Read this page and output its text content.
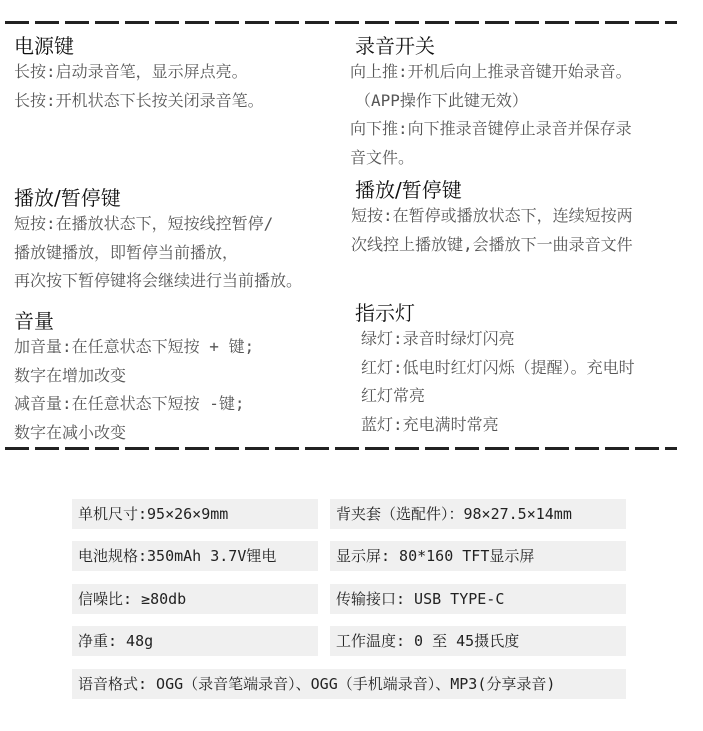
电源键
长按:启动录音笔，显示屏点亮。
长按:开机状态下长按关闭录音笔。
录音开关
向上推:开机后向上推录音键开始录音。
（APP操作下此键无效）
向下推:向下推录音键停止录音并保存录
音文件。
播放/暂停键
短按:在播放状态下，短按线控暂停/
播放键播放，即暂停当前播放，
再次按下暂停键将会继续进行当前播放。
播放/暂停键
短按:在暂停或播放状态下，连续短按两
次线控上播放键,会播放下一曲录音文件
音量
加音量:在任意状态下短按 + 键;
数字在增加改变
减音量:在任意状态下短按 -键;
数字在减小改变
指示灯
绿灯:录音时绿灯闪亮
红灯:低电时红灯闪烁（提醒）。充电时
红灯常亮
蓝灯:充电满时常亮
单机尺寸:95×26×9mm	背夹套（选配件）：98×27.5×14mm
电池规格:350mAh 3.7V锂电	显示屏: 80*160 TFT显示屏
信噪比: ≥80db	传输接口: USB TYPE-C
净重: 48g	工作温度: 0 至 45摄氏度
语音格式: OGG（录音笔端录音）、OGG（手机端录音）、MP3(分享录音)
